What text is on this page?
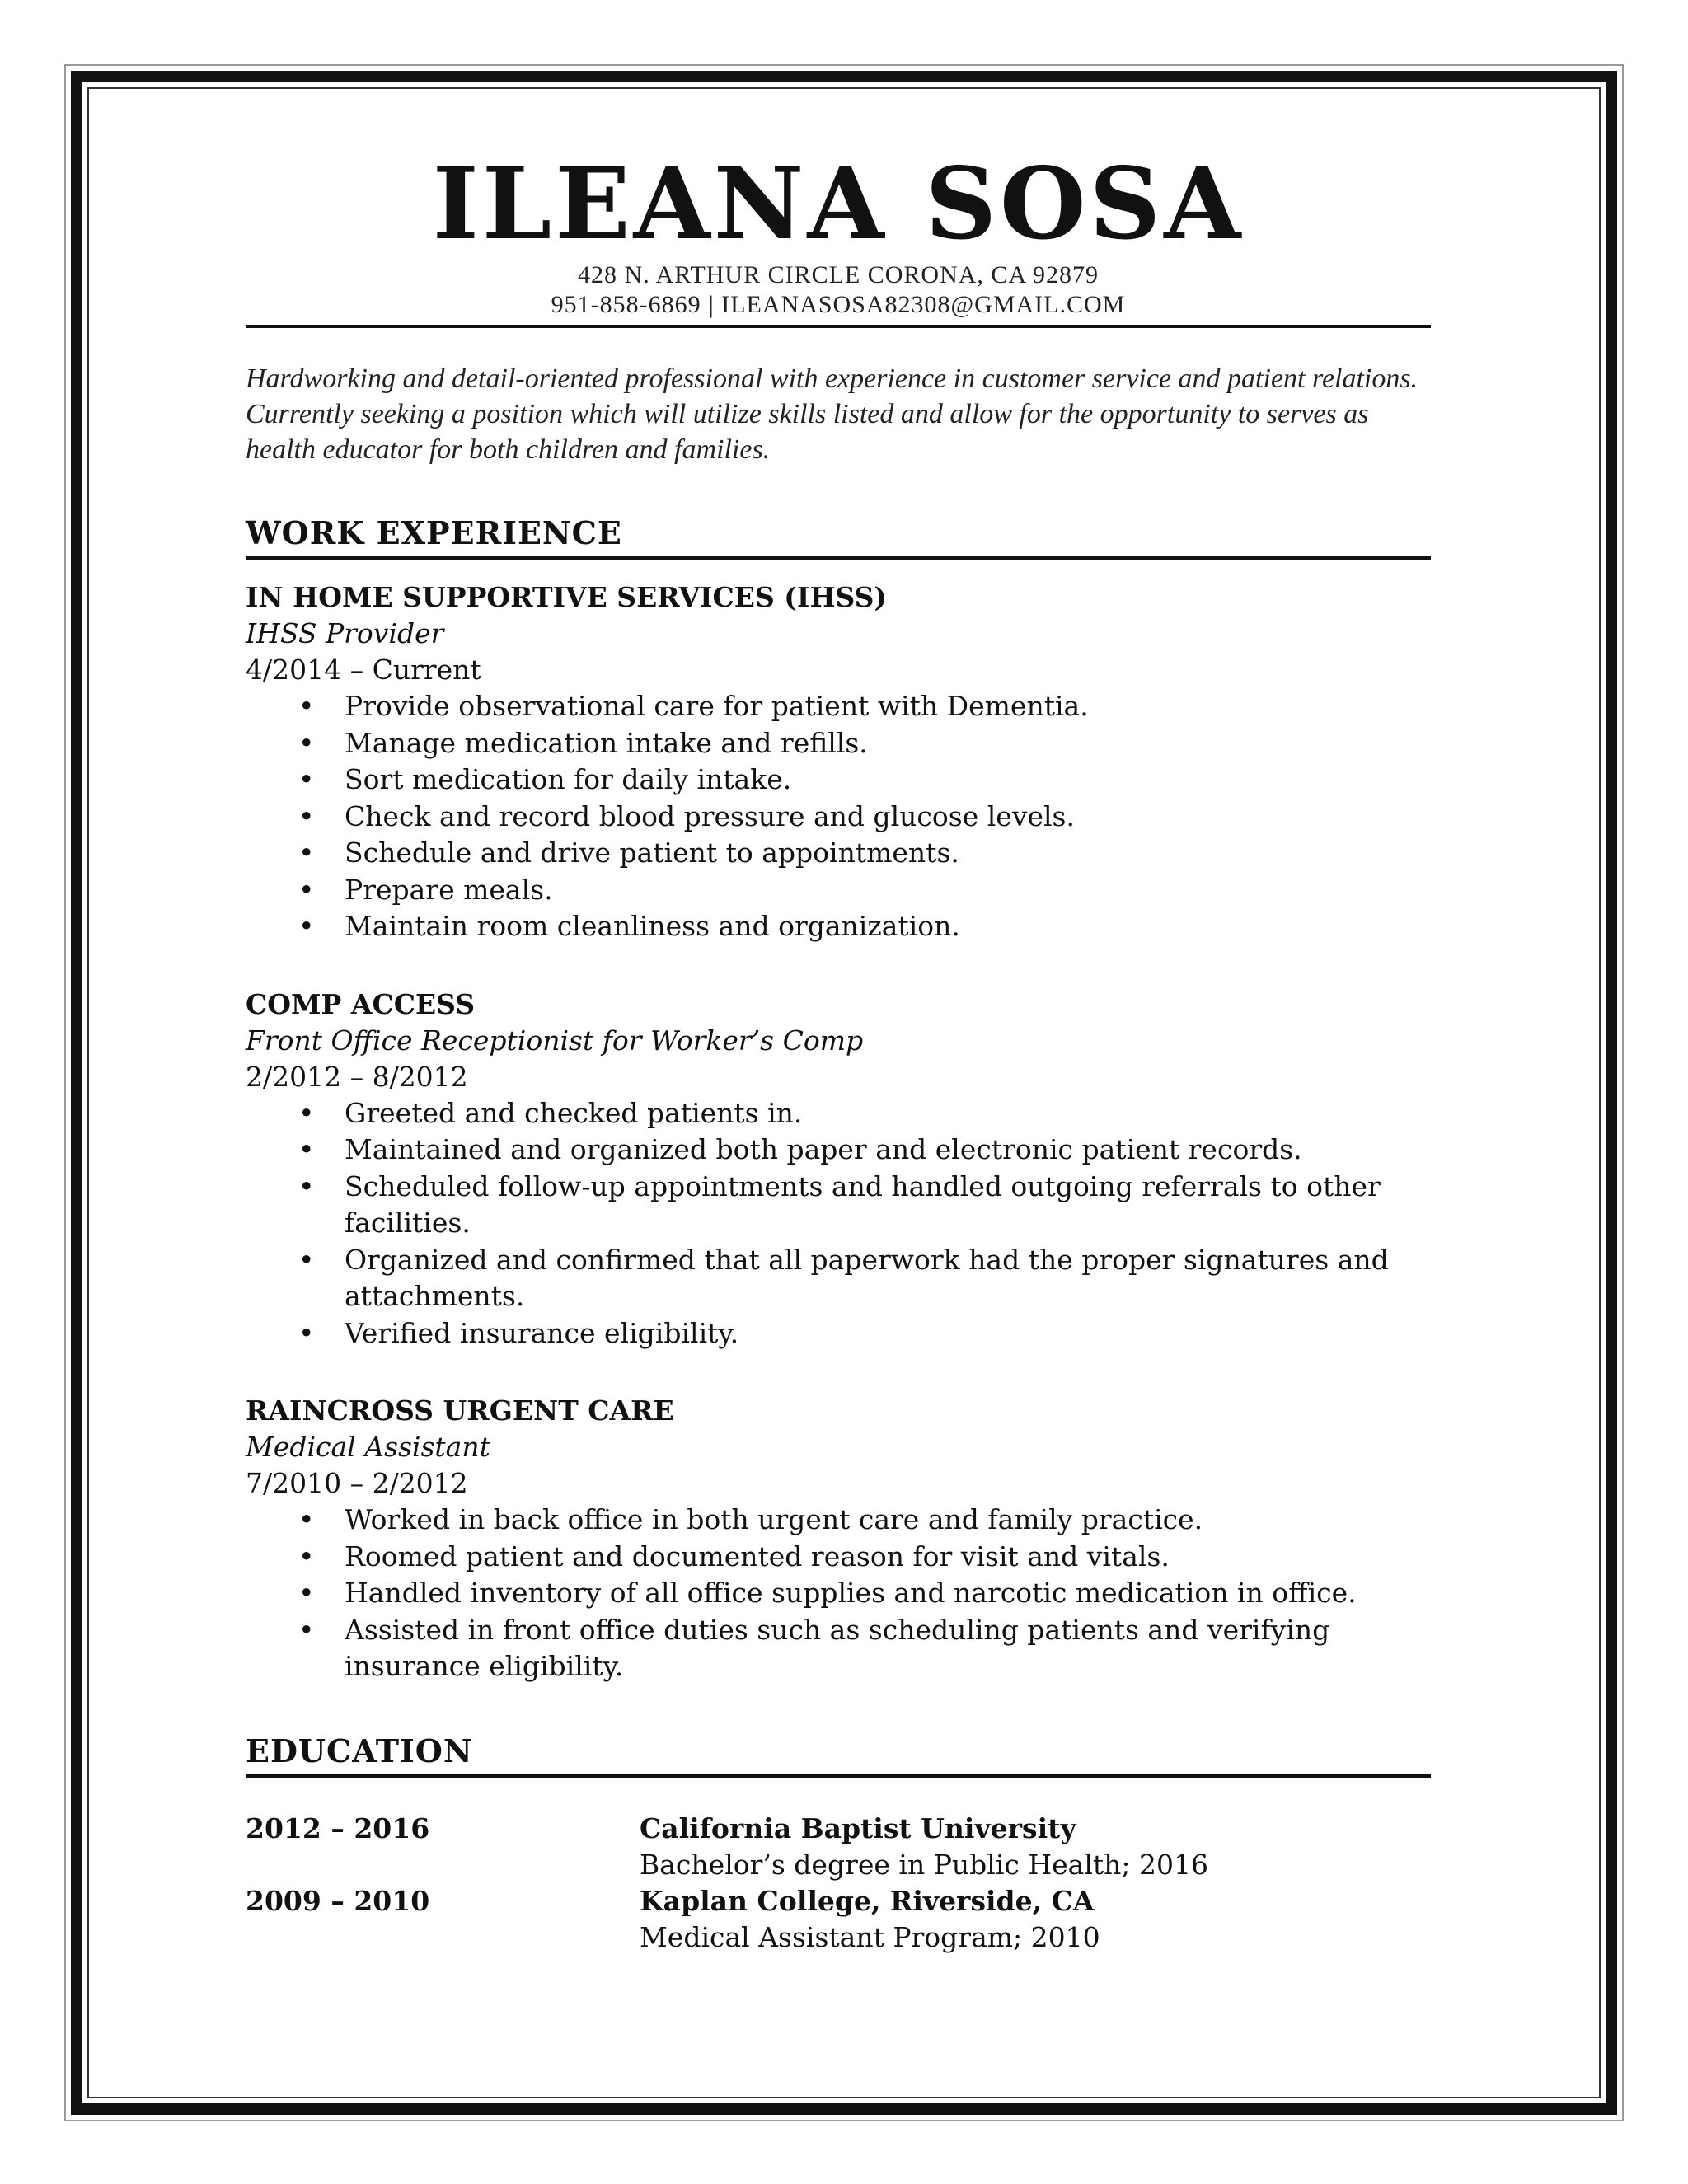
ILEANA SOSA
428 N. ARTHUR CIRCLE CORONA, CA 92879
951-858-6869 | ILEANASOSA82308@GMAIL.COM
Hardworking and detail-oriented professional with experience in customer service and patient relations. Currently seeking a position which will utilize skills listed and allow for the opportunity to serves as health educator for both children and families.
WORK EXPERIENCE
IN HOME SUPPORTIVE SERVICES (IHSS)
IHSS Provider
4/2014 – Current
• Provide observational care for patient with Dementia.
• Manage medication intake and refills.
• Sort medication for daily intake.
• Check and record blood pressure and glucose levels.
• Schedule and drive patient to appointments.
• Prepare meals.
• Maintain room cleanliness and organization.
COMP ACCESS
Front Office Receptionist for Worker’s Comp
2/2012 – 8/2012
• Greeted and checked patients in.
• Maintained and organized both paper and electronic patient records.
• Scheduled follow-up appointments and handled outgoing referrals to other facilities.
• Organized and confirmed that all paperwork had the proper signatures and attachments.
• Verified insurance eligibility.
RAINCROSS URGENT CARE
Medical Assistant
7/2010 – 2/2012
• Worked in back office in both urgent care and family practice.
• Roomed patient and documented reason for visit and vitals.
• Handled inventory of all office supplies and narcotic medication in office.
• Assisted in front office duties such as scheduling patients and verifying insurance eligibility.
EDUCATION
2012 – 2016	California Baptist University
Bachelor’s degree in Public Health; 2016
2009 – 2010	Kaplan College, Riverside, CA
Medical Assistant Program; 2010
